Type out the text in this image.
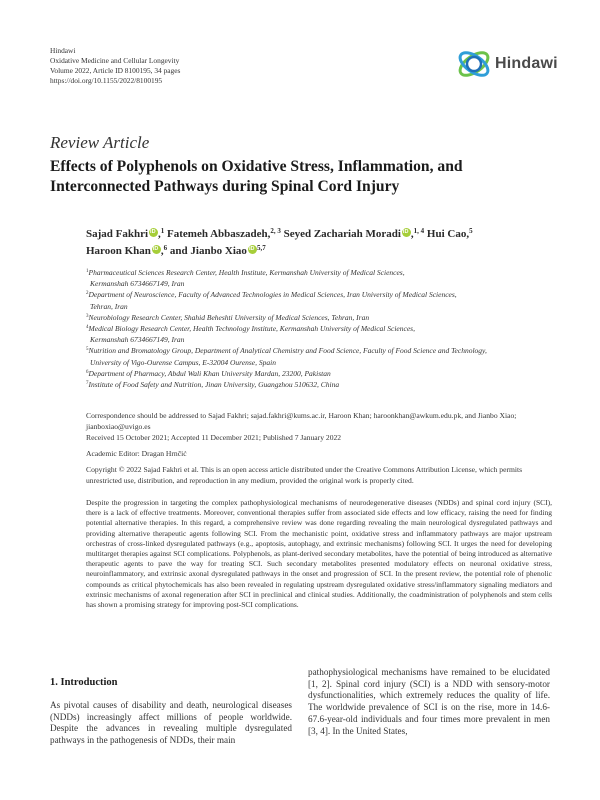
Hindawi
Oxidative Medicine and Cellular Longevity
Volume 2022, Article ID 8100195, 34 pages
https://doi.org/10.1155/2022/8100195
Hindawi
Review Article
Effects of Polyphenols on Oxidative Stress, Inflammation, and Interconnected Pathways during Spinal Cord Injury
Sajad Fakhri iD ,$^1$ Fatemeh Abbaszadeh,$^{2, 3}$ Seyed Zachariah Moradi iD ,$^{1, 4}$ Hui Cao,$^5$
Haroon Khan iD ,$^6$ and Jianbo Xiao iD $^{5,7}$

$^1$Pharmaceutical Sciences Research Center, Health Institute, Kermanshah University of Medical Sciences,
Kermanshah 6734667149, Iran

$^2$Department of Neuroscience, Faculty of Advanced Technologies in Medical Sciences, Iran University of Medical Sciences,
Tehran, Iran

$^3$Neurobiology Research Center, Shahid Beheshti University of Medical Sciences, Tehran, Iran

$^4$Medical Biology Research Center, Health Technology Institute, Kermanshah University of Medical Sciences,
Kermanshah 6734667149, Iran

$^5$Nutrition and Bromatology Group, Department of Analytical Chemistry and Food Science, Faculty of Food Science and Technology,
University of Vigo-Ourense Campus, E-32004 Ourense, Spain

$^6$Department of Pharmacy, Abdul Wali Khan University Mardan, 23200, Pakistan

$^7$Institute of Food Safety and Nutrition, Jinan University, Guangzhou 510632, China

Correspondence should be addressed to Sajad Fakhri; sajad.fakhri@kums.ac.ir, Haroon Khan; haroonkhan@awkum.edu.pk, and Jianbo Xiao; jianboxiao@uvigo.es
Received 15 October 2021; Accepted 11 December 2021; Published 7 January 2022
Academic Editor: Dragan Hrnčić
Copyright © 2022 Sajad Fakhri et al. This is an open access article distributed under the Creative Commons Attribution License, which permits unrestricted use, distribution, and reproduction in any medium, provided the original work is properly cited.
Despite the progression in targeting the complex pathophysiological mechanisms of neurodegenerative diseases (NDDs) and spinal cord injury (SCI), there is a lack of effective treatments. Moreover, conventional therapies suffer from associated side effects and low efficacy, raising the need for finding potential alternative therapies. In this regard, a comprehensive review was done regarding revealing the main neurological dysregulated pathways and providing alternative therapeutic agents following SCI. From the mechanistic point, oxidative stress and inflammatory pathways are major upstream orchestras of cross-linked dysregulated pathways (e.g., apoptosis, autophagy, and extrinsic mechanisms) following SCI. It urges the need for developing multitarget therapies against SCI complications. Polyphenols, as plant-derived secondary metabolites, have the potential of being introduced as alternative therapeutic agents to pave the way for treating SCI. Such secondary metabolites presented modulatory effects on neuronal oxidative stress, neuroinflammatory, and extrinsic axonal dysregulated pathways in the onset and progression of SCI. In the present review, the potential role of phenolic compounds as critical phytochemicals has also been revealed in regulating upstream dysregulated oxidative stress/inflammatory signaling mediators and extrinsic mechanisms of axonal regeneration after SCI in preclinical and clinical studies. Additionally, the coadministration of polyphenols and stem cells has shown a promising strategy for improving post-SCI complications.
1. Introduction
As pivotal causes of disability and death, neurological diseases (NDDs) increasingly affect millions of people worldwide. Despite the advances in revealing multiple dysregulated pathways in the pathogenesis of NDDs, their main
pathophysiological mechanisms have remained to be elucidated [1, 2]. Spinal cord injury (SCI) is a NDD with sensory-motor dysfunctionalities, which extremely reduces the quality of life. The worldwide prevalence of SCI is on the rise, more in 14.6-67.6-year-old individuals and four times more prevalent in men [3, 4]. In the United States,
